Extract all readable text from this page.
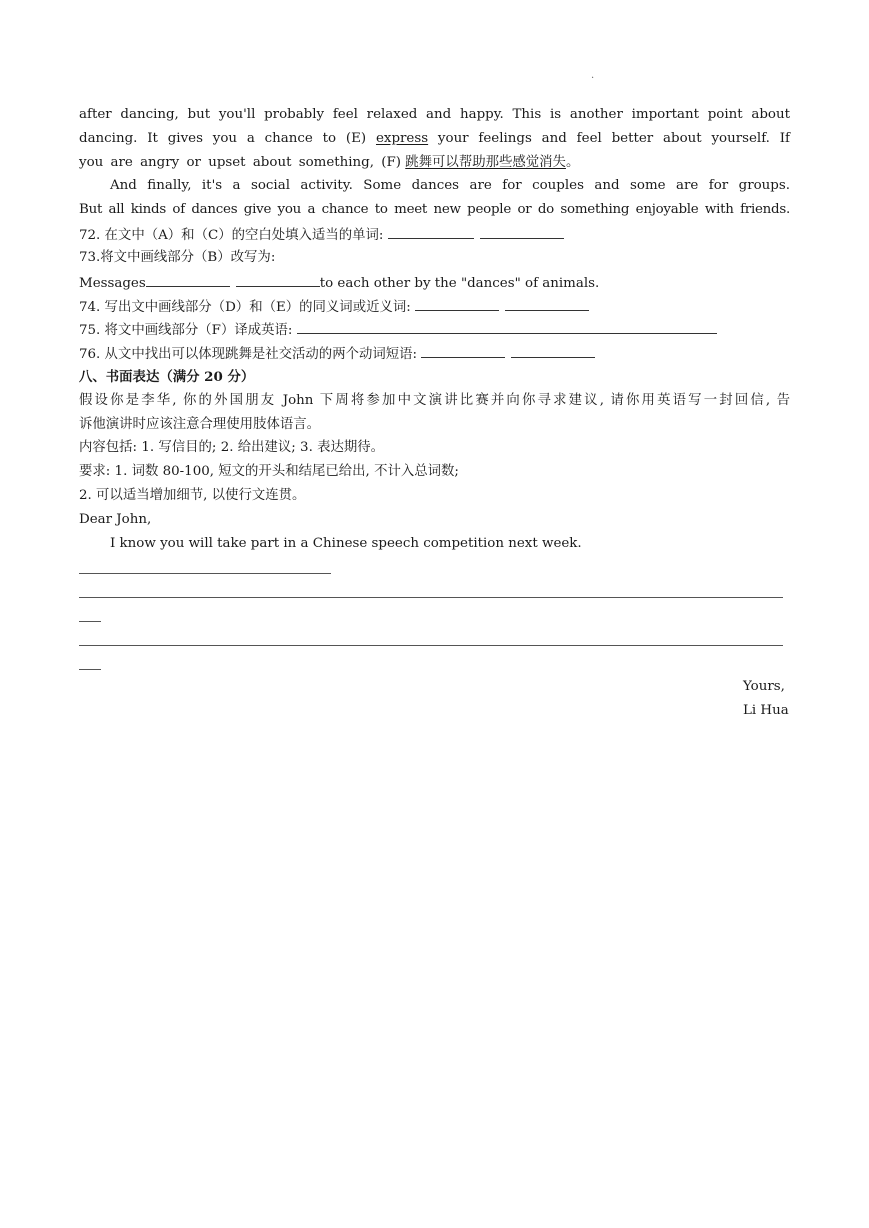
.
after dancing, but you'll probably feel relaxed and happy. This is another important point about
dancing. It gives you a chance to (E) express your feelings and feel better about yourself. If
you are angry or upset about something, (F) 跳舞可以帮助那些感觉消失。
And finally, it's a social activity. Some dances are for couples and some are for groups.
But all kinds of dances give you a chance to meet new people or do something enjoyable with friends.
72. 在文中（A）和（C）的空白处填入适当的单词:
73.将文中画线部分（B）改写为:
Messages	to each other by the "dances" of animals.
74. 写出文中画线部分（D）和（E）的同义词或近义词:
75. 将文中画线部分（F）译成英语:
76. 从文中找出可以体现跳舞是社交活动的两个动词短语:
八、书面表达（满分 20 分）
假设你是李华, 你的外国朋友 John 下周将参加中文演讲比赛并向你寻求建议, 请你用英语写一封回信, 告
诉他演讲时应该注意合理使用肢体语言。
内容包括: 1. 写信目的; 2. 给出建议; 3. 表达期待。
要求: 1. 词数 80-100, 短文的开头和结尾已给出, 不计入总词数;
2. 可以适当增加细节, 以使行文连贯。
Dear John,
I know you will take part in a Chinese speech competition next week.
Yours,
Li Hua
